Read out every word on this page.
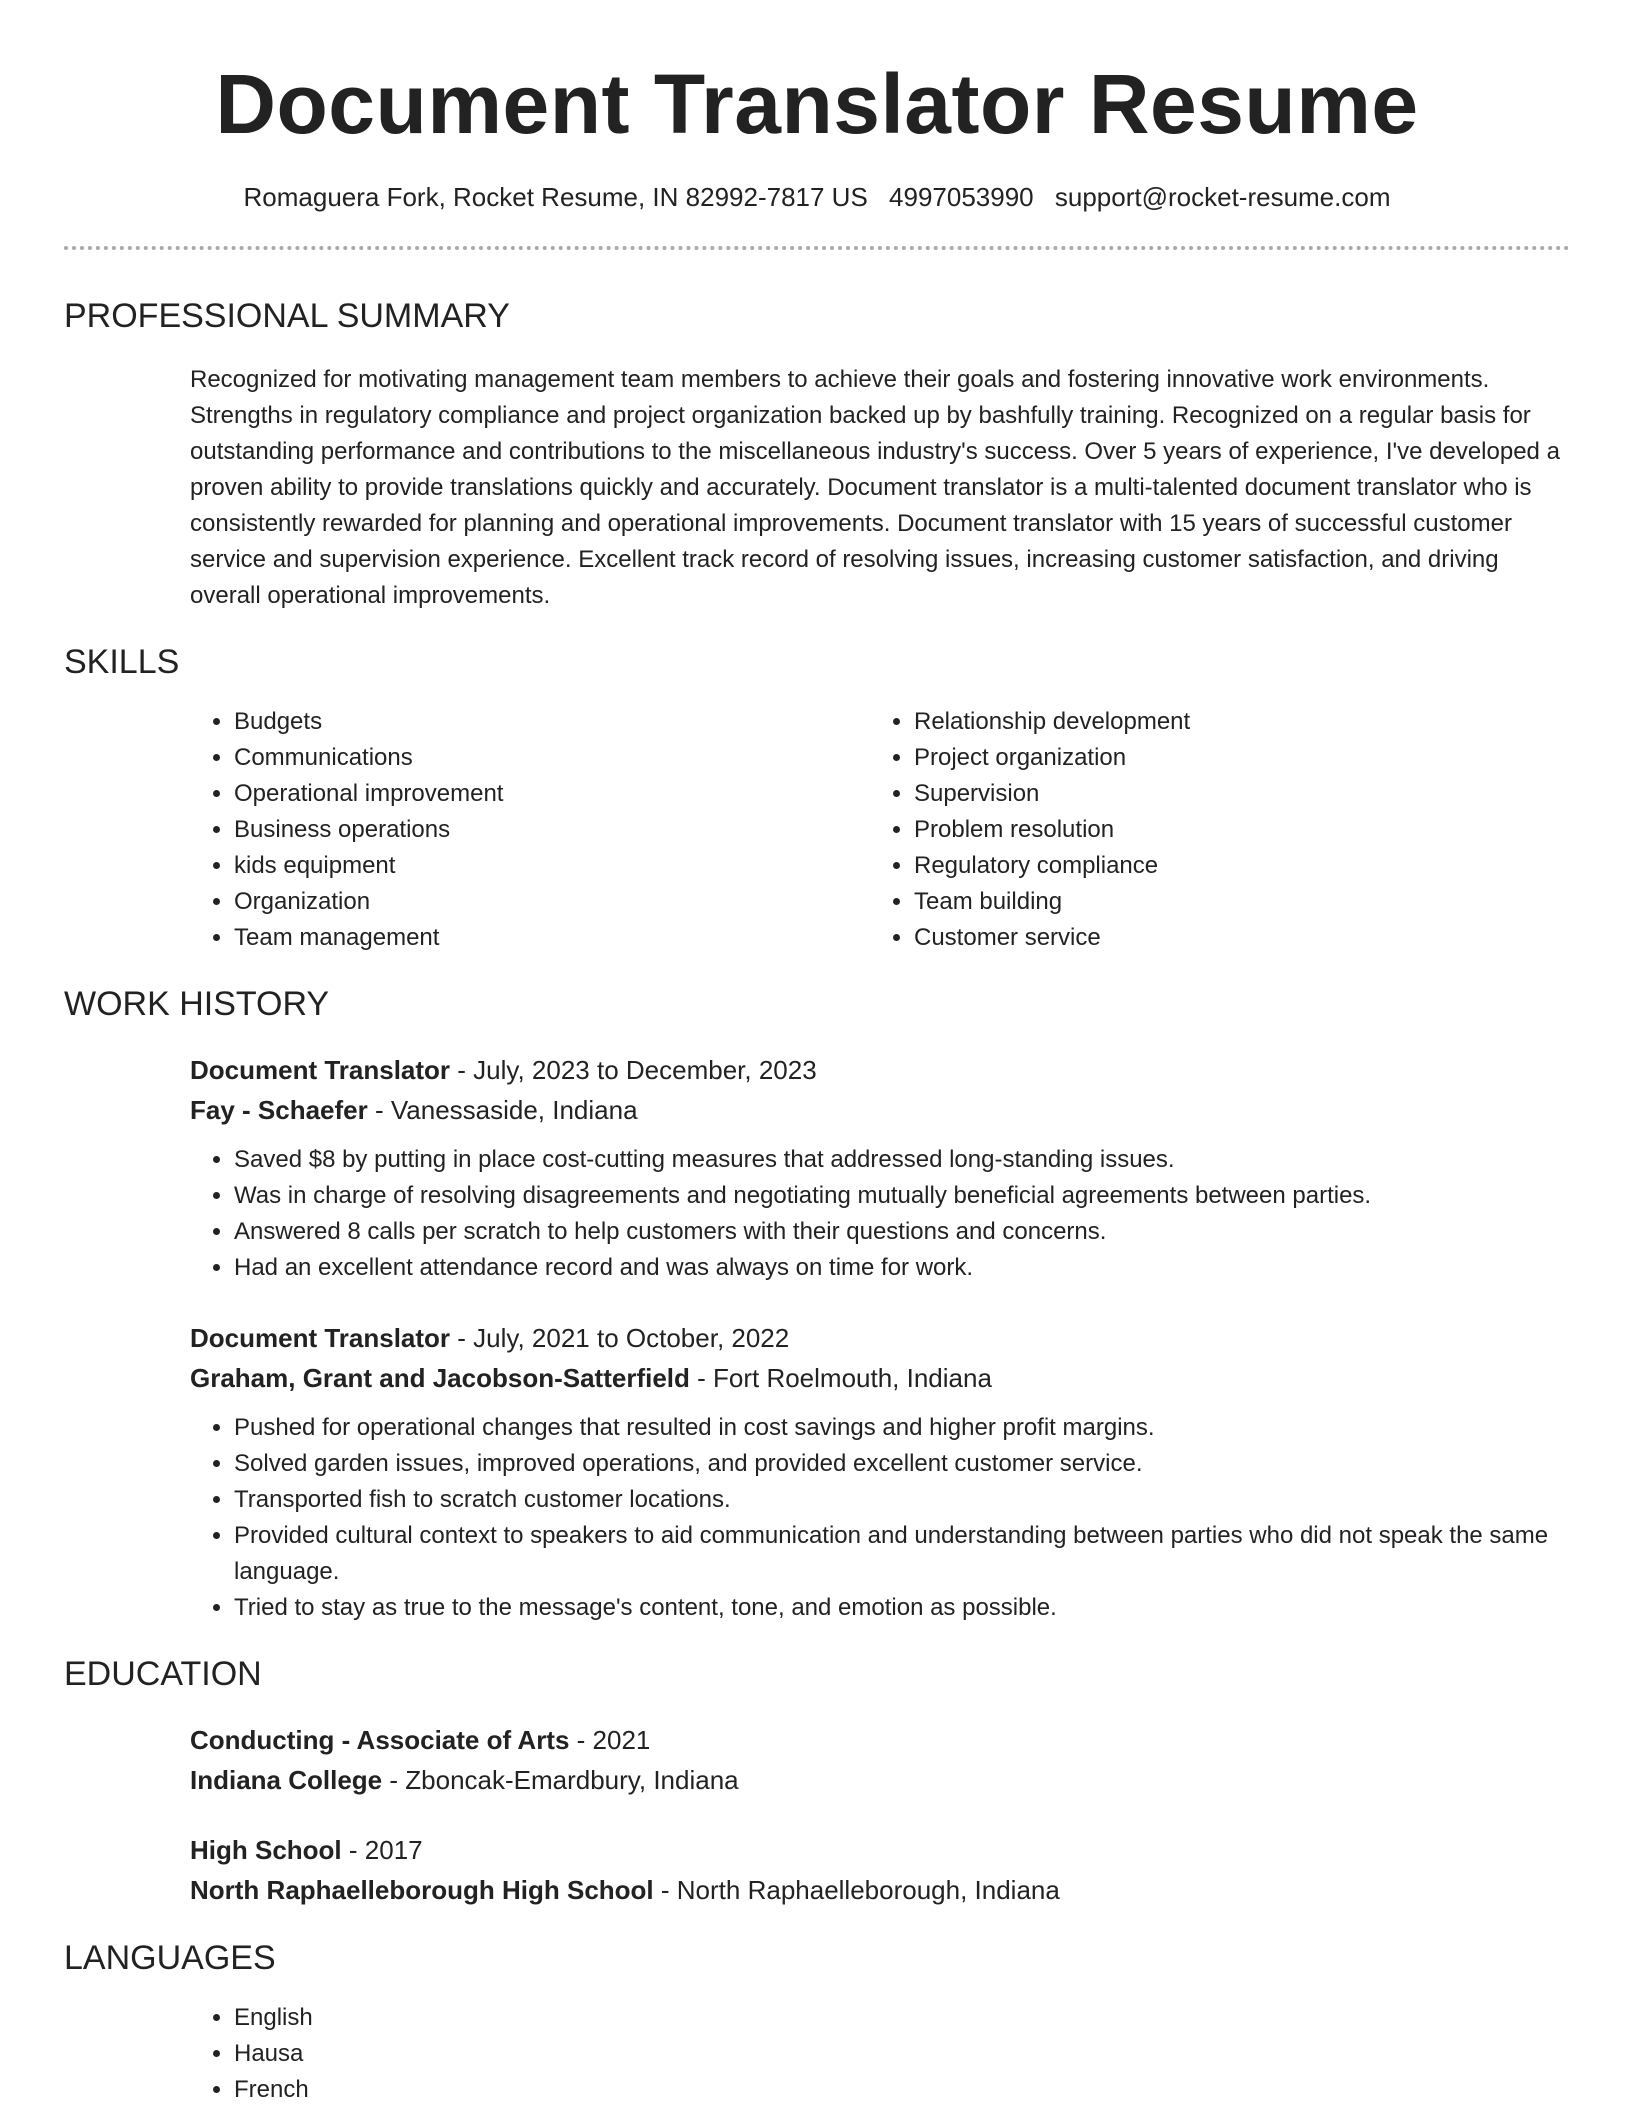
Document Translator Resume
Romaguera Fork, Rocket Resume, IN 82992-7817 US 4997053990 support@rocket-resume.com
PROFESSIONAL SUMMARY
Recognized for motivating management team members to achieve their goals and fostering innovative work environments. Strengths in regulatory compliance and project organization backed up by bashfully training. Recognized on a regular basis for outstanding performance and contributions to the miscellaneous industry's success. Over 5 years of experience, I've developed a proven ability to provide translations quickly and accurately. Document translator is a multi-talented document translator who is consistently rewarded for planning and operational improvements. Document translator with 15 years of successful customer service and supervision experience. Excellent track record of resolving issues, increasing customer satisfaction, and driving overall operational improvements.
SKILLS
• Budgets
• Communications
• Operational improvement
• Business operations
• kids equipment
• Organization
• Team management
• Relationship development
• Project organization
• Supervision
• Problem resolution
• Regulatory compliance
• Team building
• Customer service
WORK HISTORY
Document Translator - July, 2023 to December, 2023
Fay - Schaefer - Vanessaside, Indiana
• Saved $8 by putting in place cost-cutting measures that addressed long-standing issues.
• Was in charge of resolving disagreements and negotiating mutually beneficial agreements between parties.
• Answered 8 calls per scratch to help customers with their questions and concerns.
• Had an excellent attendance record and was always on time for work.
Document Translator - July, 2021 to October, 2022
Graham, Grant and Jacobson-Satterfield - Fort Roelmouth, Indiana
• Pushed for operational changes that resulted in cost savings and higher profit margins.
• Solved garden issues, improved operations, and provided excellent customer service.
• Transported fish to scratch customer locations.
• Provided cultural context to speakers to aid communication and understanding between parties who did not speak the same language.
• Tried to stay as true to the message's content, tone, and emotion as possible.
EDUCATION
Conducting - Associate of Arts - 2021
Indiana College - Zboncak-Emardbury, Indiana
High School - 2017
North Raphaelleborough High School - North Raphaelleborough, Indiana
LANGUAGES
• English
• Hausa
• French
